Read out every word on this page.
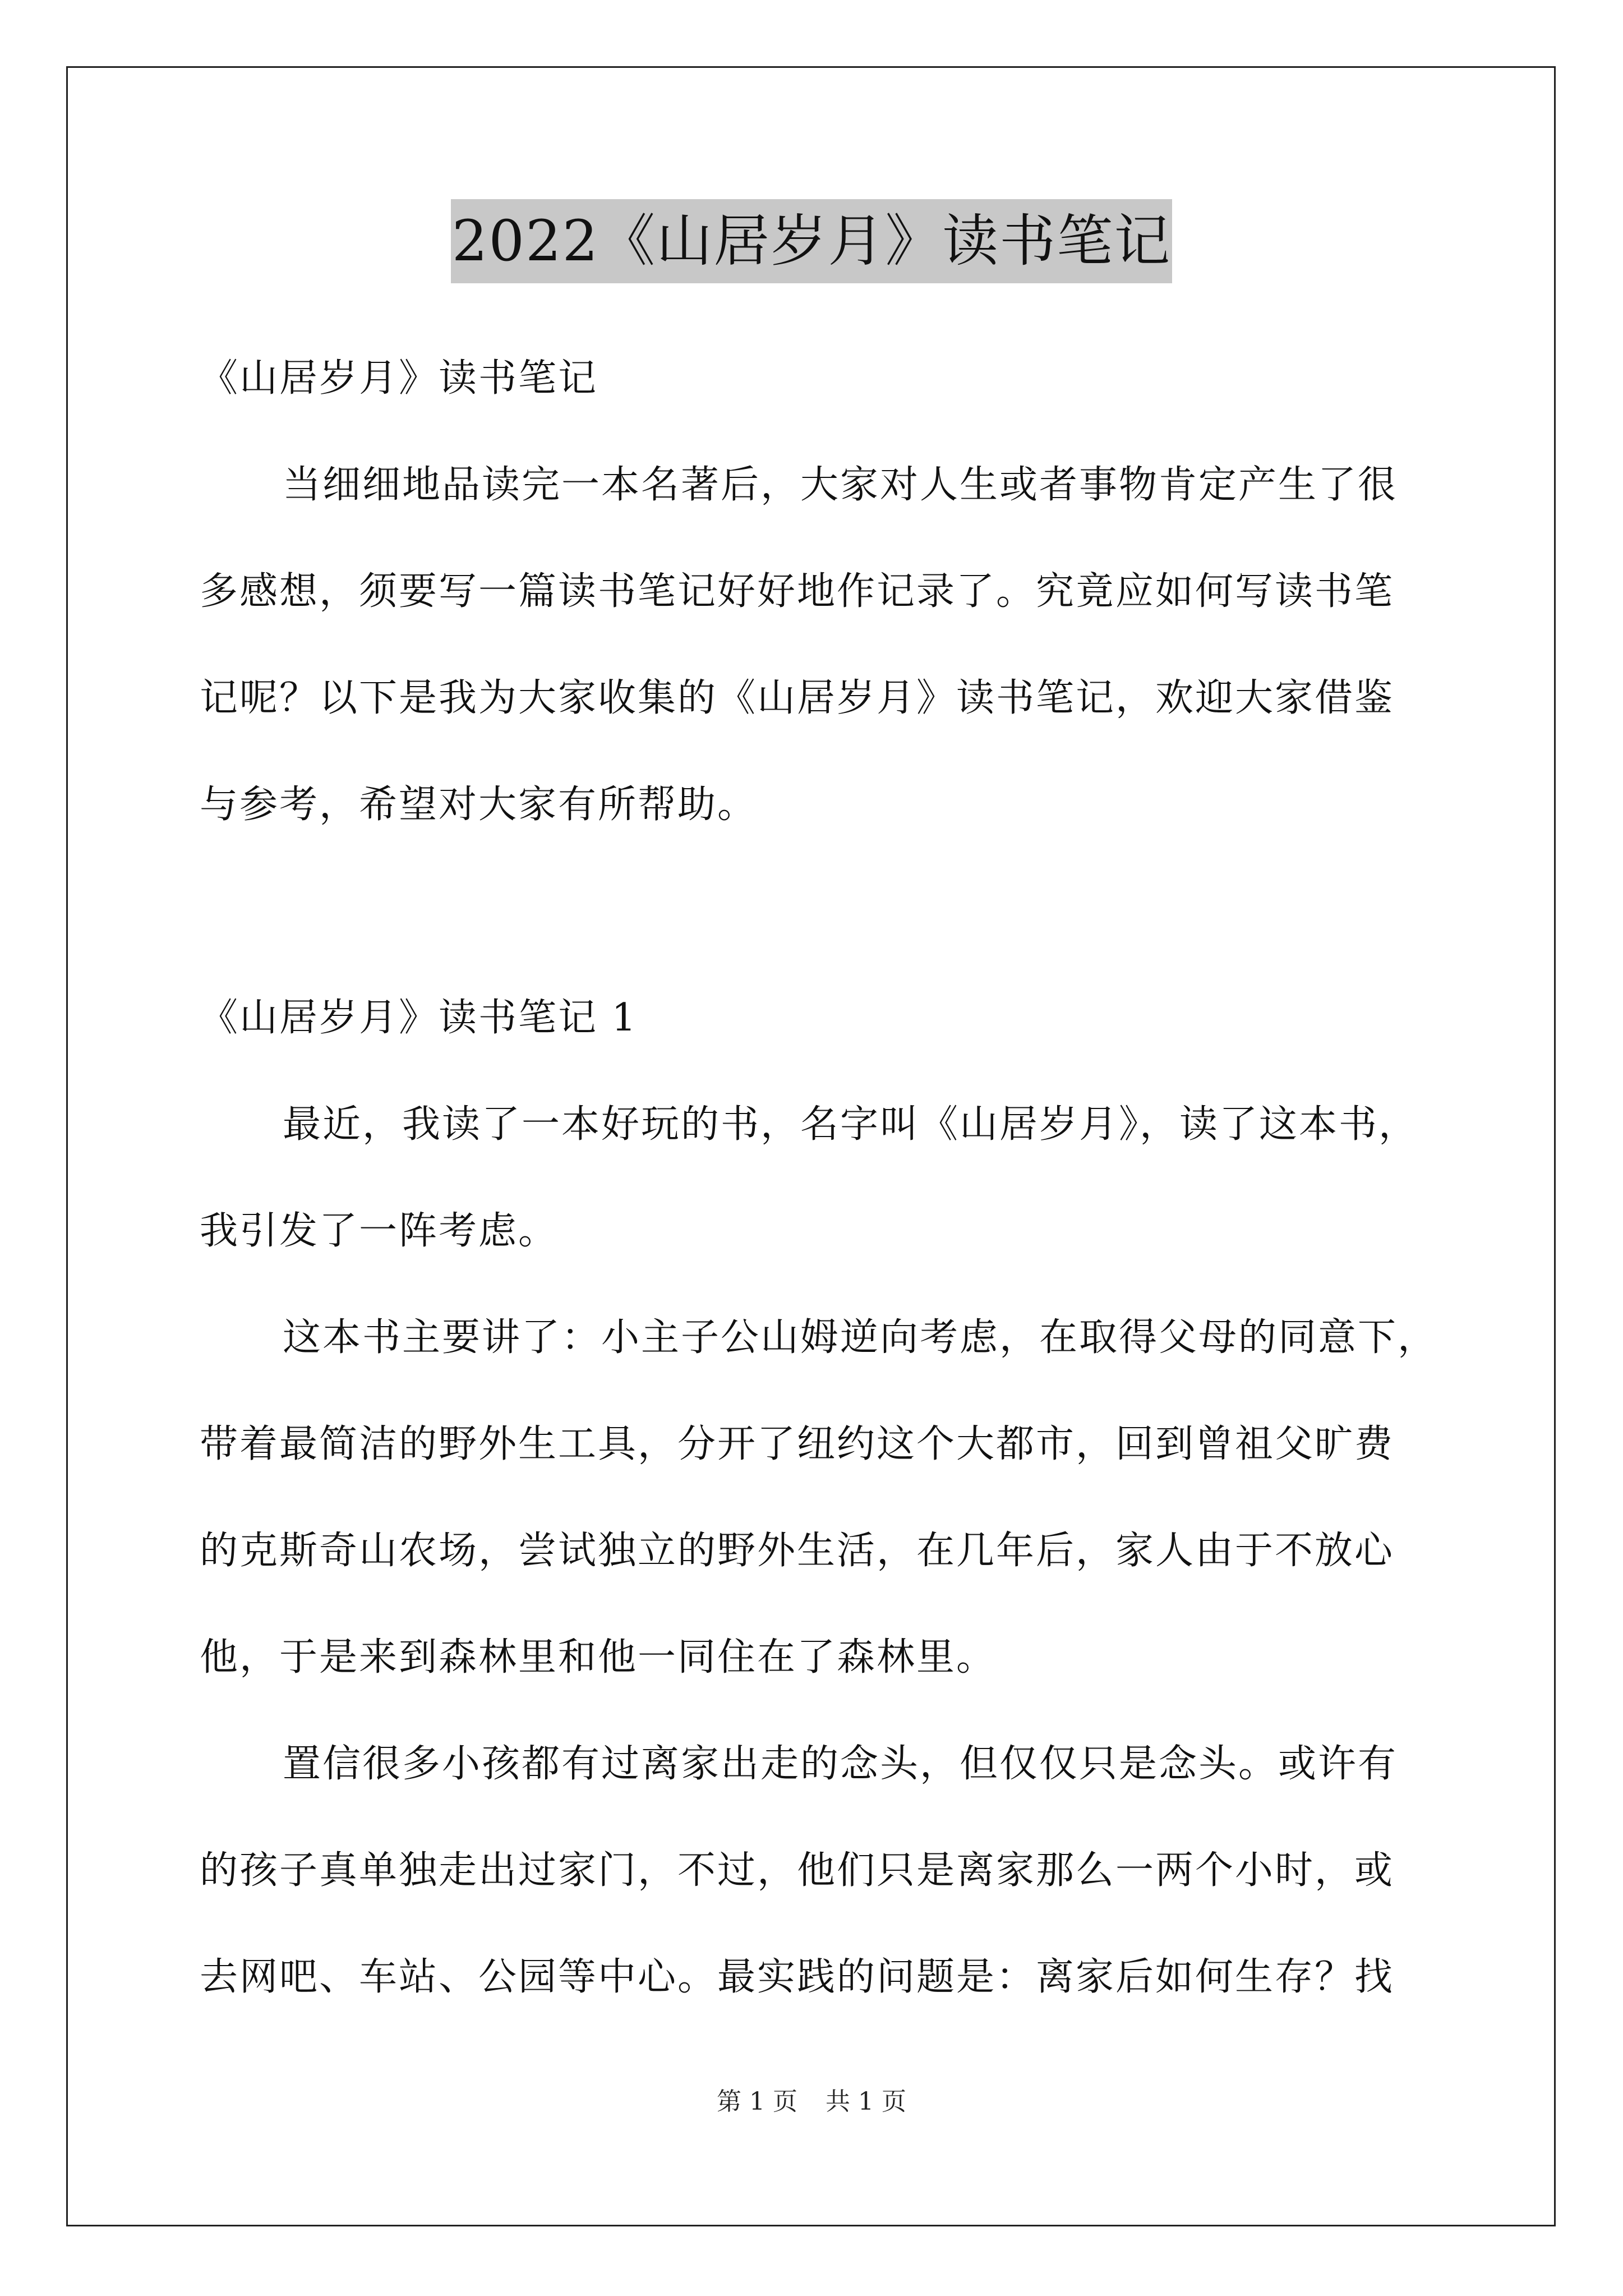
2022《山居岁月》读书笔记
《山居岁月》读书笔记
当细细地品读完一本名著后，大家对人生或者事物肯定产生了很
多感想，须要写一篇读书笔记好好地作记录了。究竟应如何写读书笔
记呢？以下是我为大家收集的《山居岁月》读书笔记，欢迎大家借鉴
与参考，希望对大家有所帮助。
《山居岁月》读书笔记 1
最近，我读了一本好玩的书，名字叫《山居岁月》，读了这本书，
我引发了一阵考虑。
这本书主要讲了：小主子公山姆逆向考虑，在取得父母的同意下，
带着最简洁的野外生工具，分开了纽约这个大都市，回到曾祖父旷费
的克斯奇山农场，尝试独立的野外生活，在几年后，家人由于不放心
他，于是来到森林里和他一同住在了森林里。
置信很多小孩都有过离家出走的念头，但仅仅只是念头。或许有
的孩子真单独走出过家门，不过，他们只是离家那么一两个小时，或
去网吧、车站、公园等中心。最实践的问题是：离家后如何生存？找
第 1 页 共 1 页
